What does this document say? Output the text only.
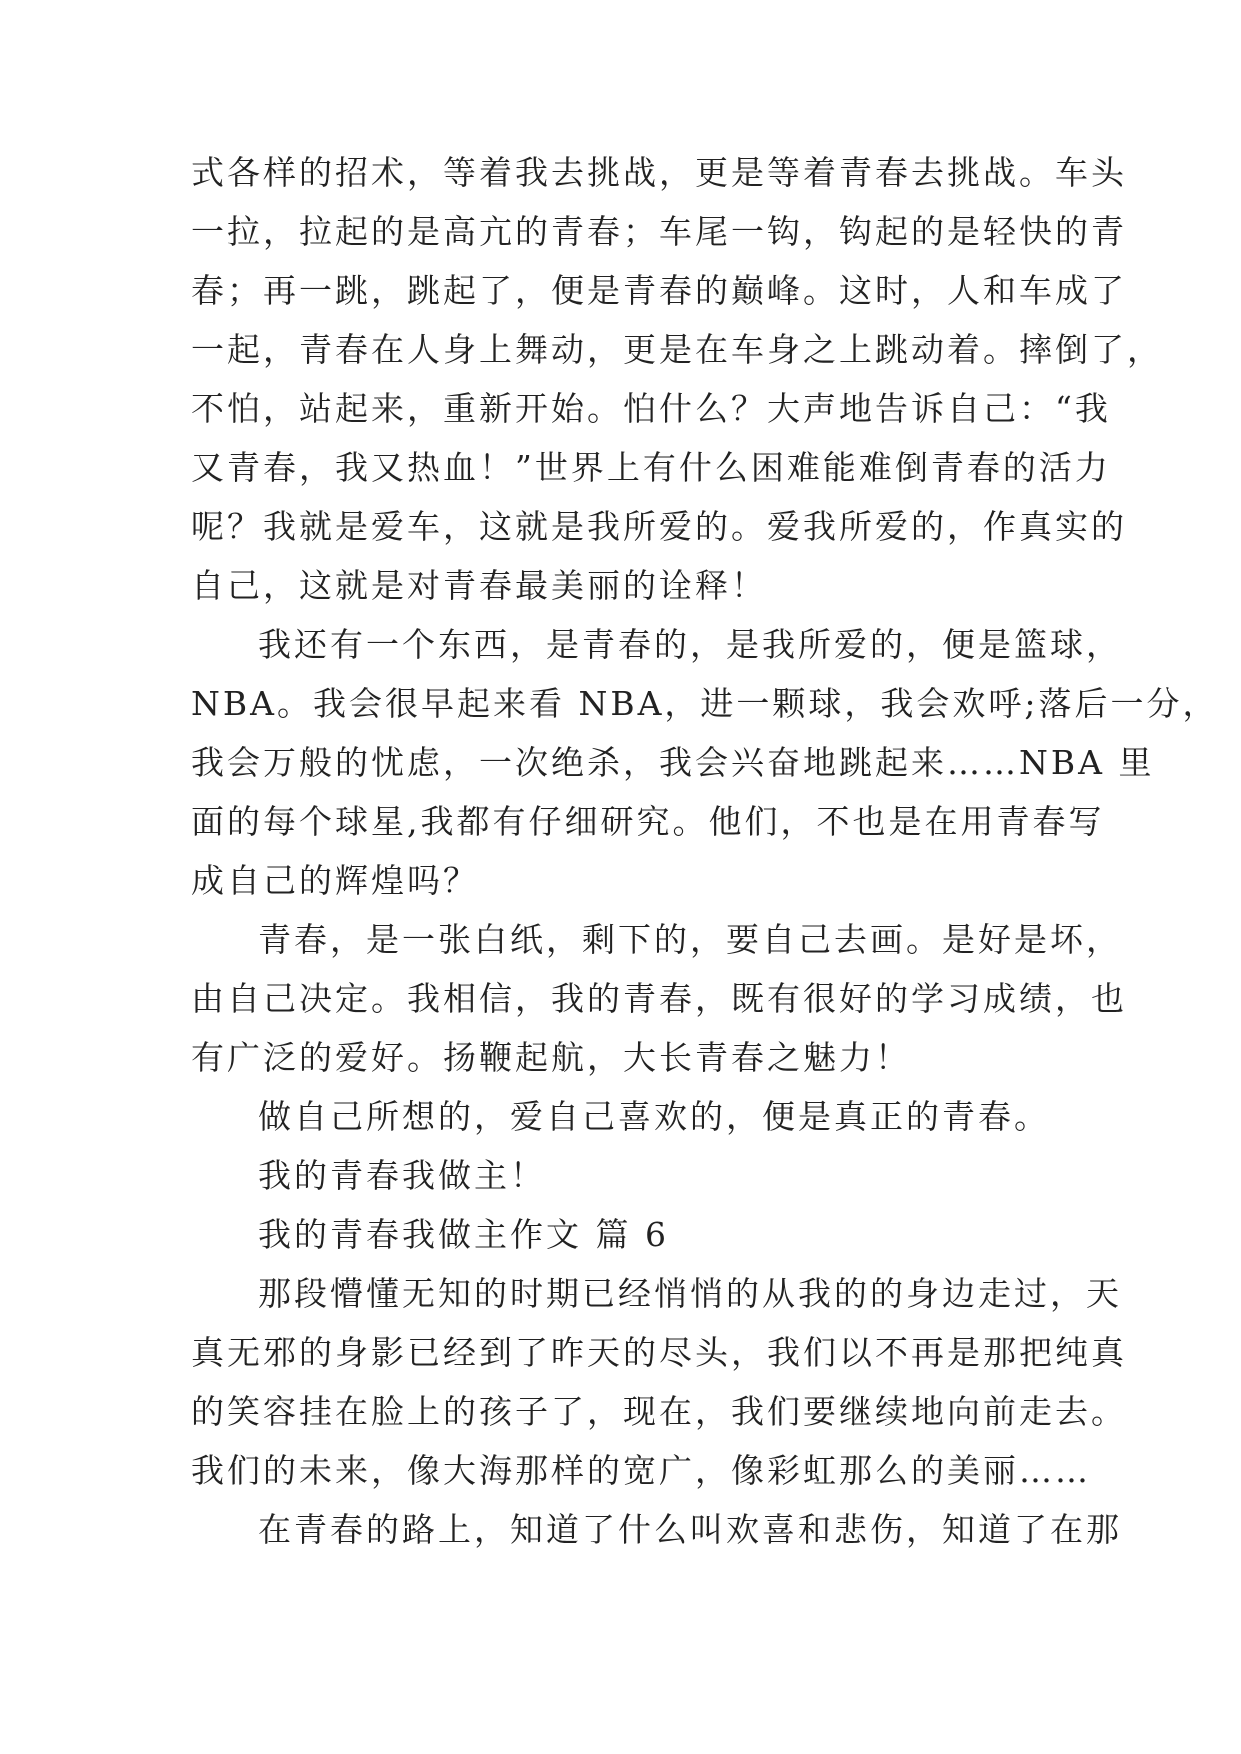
式各样的招术，等着我去挑战，更是等着青春去挑战。车头
一拉，拉起的是高亢的青春；车尾一钩，钩起的是轻快的青
春；再一跳，跳起了，便是青春的巅峰。这时，人和车成了
一起，青春在人身上舞动，更是在车身之上跳动着。摔倒了，
不怕，站起来，重新开始。怕什么？大声地告诉自己：“我
又青春，我又热血！”世界上有什么困难能难倒青春的活力
呢？我就是爱车，这就是我所爱的。爱我所爱的，作真实的
自己，这就是对青春最美丽的诠释！
我还有一个东西，是青春的，是我所爱的，便是篮球，
NBA。我会很早起来看 NBA，进一颗球，我会欢呼;落后一分，
我会万般的忧虑，一次绝杀，我会兴奋地跳起来……NBA 里
面的每个球星,我都有仔细研究。他们，不也是在用青春写
成自己的辉煌吗？
青春，是一张白纸，剩下的，要自己去画。是好是坏，
由自己决定。我相信，我的青春，既有很好的学习成绩，也
有广泛的爱好。扬鞭起航，大长青春之魅力！
做自己所想的，爱自己喜欢的，便是真正的青春。
我的青春我做主！
我的青春我做主作文 篇 6
那段懵懂无知的时期已经悄悄的从我的的身边走过，天
真无邪的身影已经到了昨天的尽头，我们以不再是那把纯真
的笑容挂在脸上的孩子了，现在，我们要继续地向前走去。
我们的未来，像大海那样的宽广，像彩虹那么的美丽……
在青春的路上，知道了什么叫欢喜和悲伤，知道了在那
